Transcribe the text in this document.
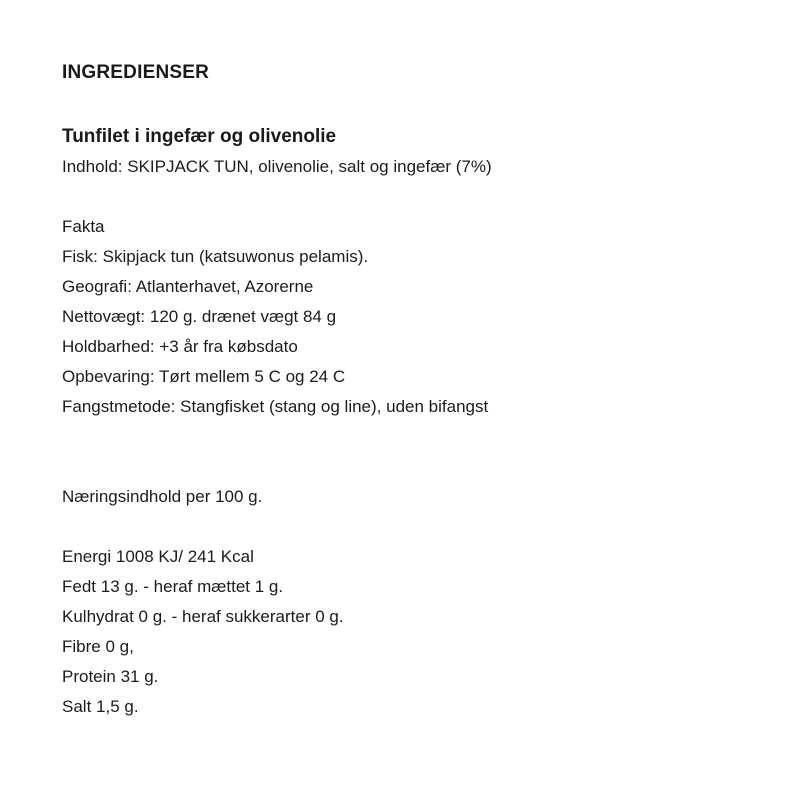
INGREDIENSER
Tunfilet i ingefær og olivenolie

Indhold: SKIPJACK TUN, olivenolie, salt og ingefær (7%)

Fakta

Fisk: Skipjack tun (katsuwonus pelamis).

Geografi: Atlanterhavet, Azorerne

Nettovægt: 120 g. drænet vægt 84 g

Holdbarhed: +3 år fra købsdato

Opbevaring: Tørt mellem 5 C og 24 C

Fangstmetode: Stangfisket (stang og line), uden bifangst

Næringsindhold per 100 g.

Energi 1008 KJ/ 241 Kcal

Fedt 13 g. - heraf mættet 1 g.

Kulhydrat 0 g. - heraf sukkerarter 0 g.

Fibre 0 g,

Protein 31 g.

Salt 1,5 g.
